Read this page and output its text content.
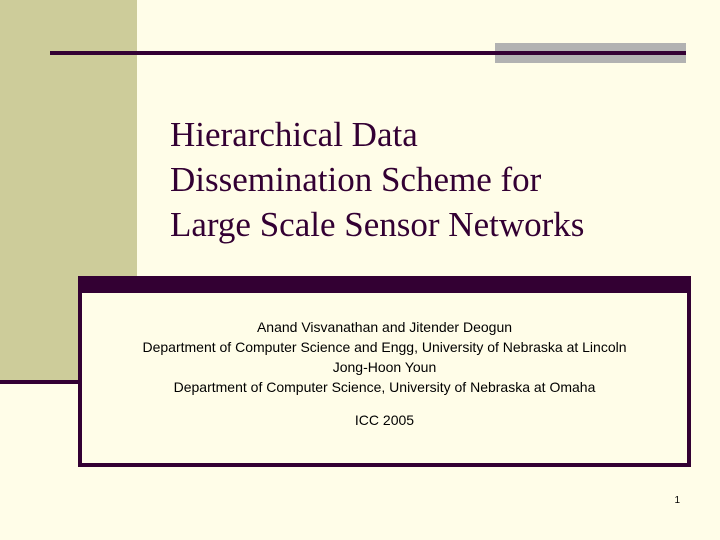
Hierarchical Data
Dissemination Scheme for
Large Scale Sensor Networks
Anand Visvanathan and Jitender Deogun
Department of Computer Science and Engg, University of Nebraska at Lincoln
Jong-Hoon Youn
Department of Computer Science, University of Nebraska at Omaha
ICC 2005
1
